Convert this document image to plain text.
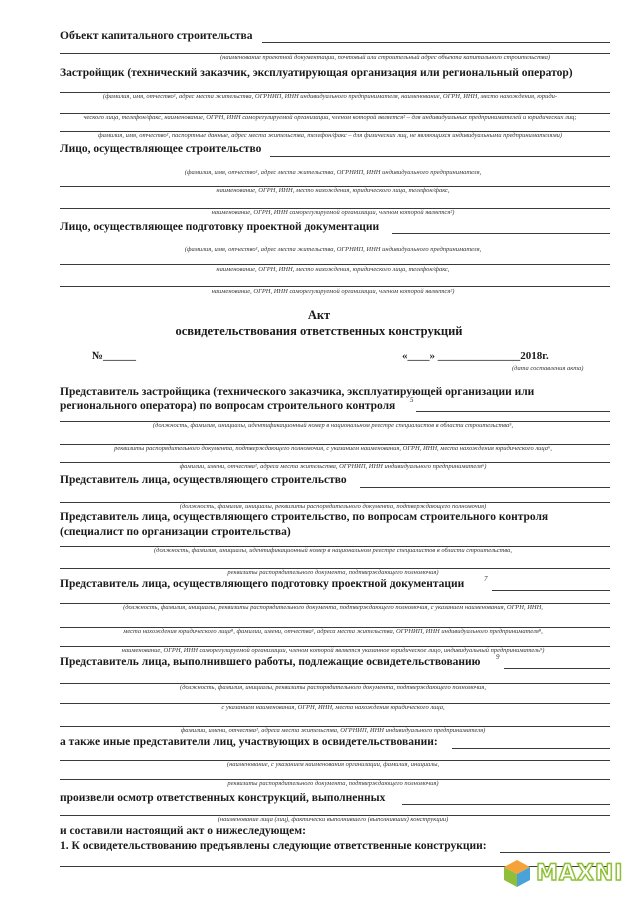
Объект капитального строительства
(наименование проектной документации, почтовый или строительный адрес объекта капитального строительства)
Застройщик (технический заказчик, эксплуатирующая организация или региональный оператор)
(фамилия, имя, отчество¹, адрес места жительства, ОГРНИП, ИНН индивидуального предпринимателя, наименование, ОГРН, ИНН, место нахождения, юриди-
ческого лица, телефон/факс, наименование, ОГРН, ИНН саморегулируемой организации, членом которой является² – для индивидуальных предпринимателей и юридических лиц;
фамилия, имя, отчество¹, паспортные данные, адрес места жительства, телефон/факс – для физических лиц, не являющихся индивидуальными предпринимателями)
Лицо, осуществляющее строительство
(фамилия, имя, отчество¹, адрес места жительства, ОГРНИП, ИНН индивидуального предпринимателя,
наименование, ОГРН, ИНН, место нахождения, юридического лица, телефон/факс,
наименование, ОГРН, ИНН саморегулируемой организации, членом которой является²)
Лицо, осуществляющее подготовку проектной документации
(фамилия, имя, отчество¹, адрес места жительства, ОГРНИП, ИНН индивидуального предпринимателя,
наименование, ОГРН, ИНН, место нахождения, юридического лица, телефон/факс,
наименование, ОГРН, ИНН саморегулируемой организации, членом которой является²)
Акт
освидетельствования ответственных конструкций
№______	«____» _______________2018г.
(дата составления акта)
Представитель застройщика (технического заказчика, эксплуатирующей организации или
регионального оператора) по вопросам строительного контроля 5
(должность, фамилия, инициалы, идентификационный номер в национальном реестре специалистов в области строительства⁵,
реквизиты распорядительного документа, подтверждающего полномочия, с указанием наименования, ОГРН, ИНН, места нахождения юридического лица⁶,
фамилии, имени, отчества¹, адреса места жительства, ОГРНИП, ИНН индивидуального предпринимателя⁶)
Представитель лица, осуществляющего строительство
(должность, фамилия, инициалы, реквизиты распорядительного документа, подтверждающего полномочия)
Представитель лица, осуществляющего строительство, по вопросам строительного контроля
(специалист по организации строительства)
(должность, фамилия, инициалы, идентификационный номер в национальном реестре специалистов в области строительства,
реквизиты распорядительного документа, подтверждающего полномочия)
Представитель лица, осуществляющего подготовку проектной документации	7
(должность, фамилия, инициалы, реквизиты распорядительного документа, подтверждающего полномочия, с указанием наименования, ОГРН, ИНН,
места нахождения юридического лица⁸, фамилии, имени, отчества¹, адреса места жительства, ОГРНИП, ИНН индивидуального предпринимателя⁸,
наименование, ОГРН, ИНН саморегулируемой организации, членом которой является указанное юридическое лицо, индивидуальный предприниматель⁹)
Представитель лица, выполнившего работы, подлежащие освидетельствованию 9
(должность, фамилия, инициалы, реквизиты распорядительного документа, подтверждающего полномочия,
с указанием наименования, ОГРН, ИНН, места нахождения юридического лица,
фамилии, имени, отчества¹, адреса места жительства, ОГРНИП, ИНН индивидуального предпринимателя)
а также иные представители лиц, участвующих в освидетельствовании:
(наименование, с указанием наименования организации, фамилия, инициалы,
реквизиты распорядительного документа, подтверждающего полномочия)
произвели осмотр ответственных конструкций, выполненных
(наименование лица (лиц), фактически выполнившего (выполнивших) конструкции)
и составили настоящий акт о нижеследующем:
1. К освидетельствованию предъявлены следующие ответственные конструкции:
MAXNI
